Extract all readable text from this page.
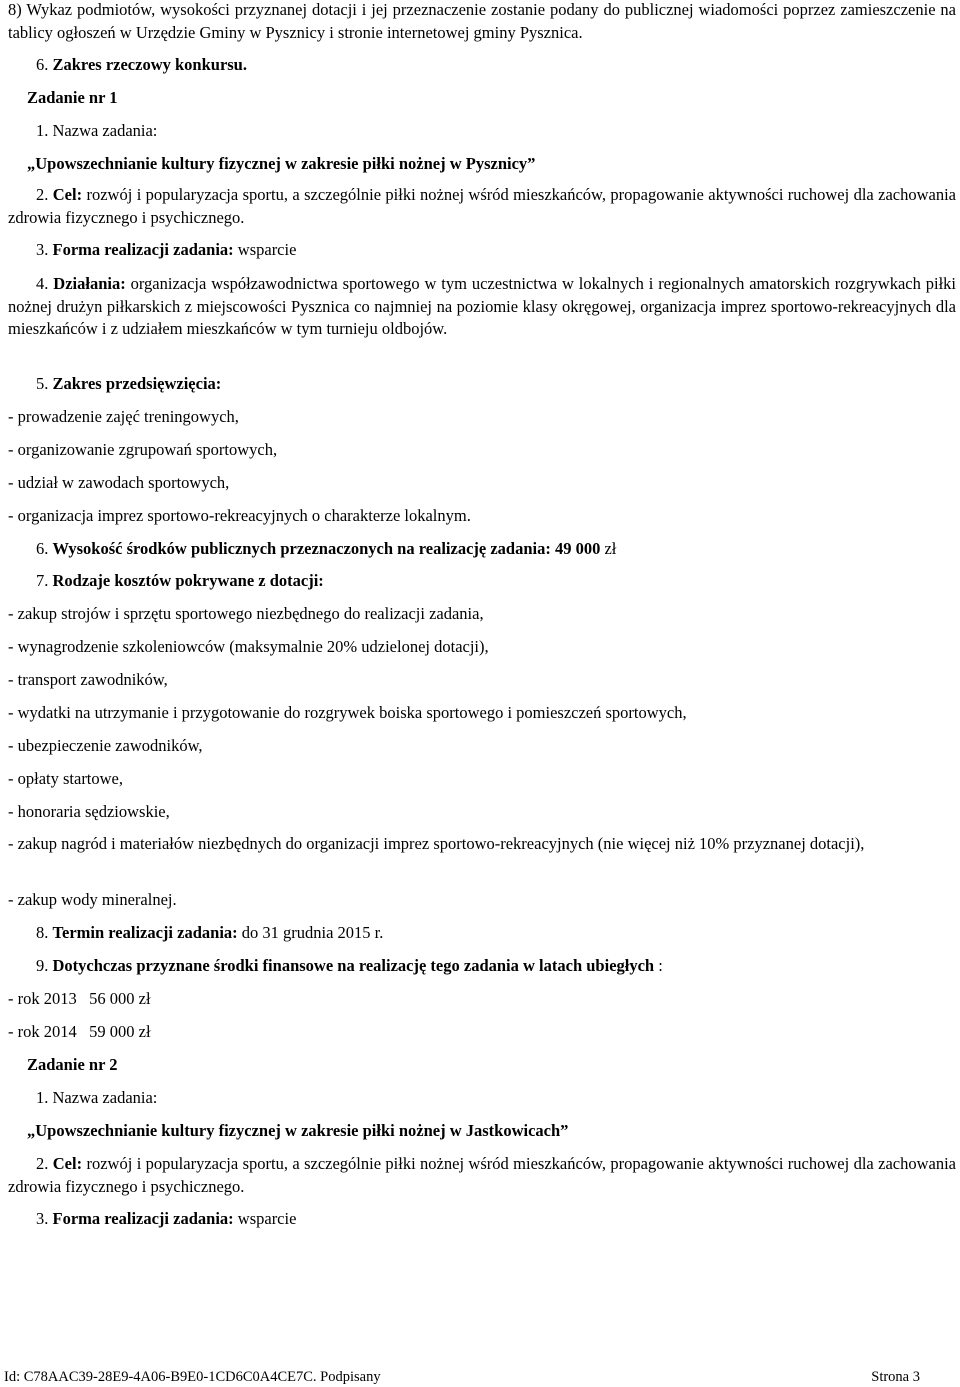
8) Wykaz podmiotów, wysokości przyznanej dotacji i jej przeznaczenie zostanie podany do publicznej wiadomości poprzez zamieszczenie na tablicy ogłoszeń w Urzędzie Gminy w Pysznicy i stronie internetowej gminy Pysznica.
6. Zakres rzeczowy konkursu.
Zadanie nr 1
1. Nazwa zadania:
„Upowszechnianie kultury fizycznej w zakresie piłki nożnej w Pysznicy”
2. Cel: rozwój i popularyzacja sportu, a szczególnie piłki nożnej wśród mieszkańców, propagowanie aktywności ruchowej dla zachowania zdrowia fizycznego i psychicznego.
3. Forma realizacji zadania: wsparcie
4. Działania: organizacja współzawodnictwa sportowego w tym uczestnictwa w lokalnych i regionalnych amatorskich rozgrywkach piłki nożnej drużyn piłkarskich z miejscowości Pysznica co najmniej na poziomie klasy okręgowej, organizacja imprez sportowo-rekreacyjnych dla mieszkańców i z udziałem mieszkańców w tym turnieju oldbojów.
5. Zakres przedsięwzięcia:
- prowadzenie zajęć treningowych,
- organizowanie zgrupowań sportowych,
- udział w zawodach sportowych,
- organizacja imprez sportowo-rekreacyjnych o charakterze lokalnym.
6. Wysokość środków publicznych przeznaczonych na realizację zadania: 49 000 zł
7. Rodzaje kosztów pokrywane z dotacji:
- zakup strojów i sprzętu sportowego niezbędnego do realizacji zadania,
- wynagrodzenie szkoleniowców (maksymalnie 20% udzielonej dotacji),
- transport zawodników,
- wydatki na utrzymanie i przygotowanie do rozgrywek boiska sportowego i pomieszczeń sportowych,
- ubezpieczenie zawodników,
- opłaty startowe,
- honoraria sędziowskie,
- zakup nagród i materiałów niezbędnych do organizacji imprez sportowo-rekreacyjnych (nie więcej niż 10% przyznanej dotacji),
- zakup wody mineralnej.
8. Termin realizacji zadania: do 31 grudnia 2015 r.
9. Dotychczas przyznane środki finansowe na realizację tego zadania w latach ubiegłych :
- rok 2013   56 000 zł
- rok 2014   59 000 zł
Zadanie nr 2
1. Nazwa zadania:
„Upowszechnianie kultury fizycznej w zakresie piłki nożnej w Jastkowicach”
2. Cel: rozwój i popularyzacja sportu, a szczególnie piłki nożnej wśród mieszkańców, propagowanie aktywności ruchowej dla zachowania zdrowia fizycznego i psychicznego.
3. Forma realizacji zadania: wsparcie
Id: C78AAC39-28E9-4A06-B9E0-1CD6C0A4CE7C. Podpisany	Strona 3
